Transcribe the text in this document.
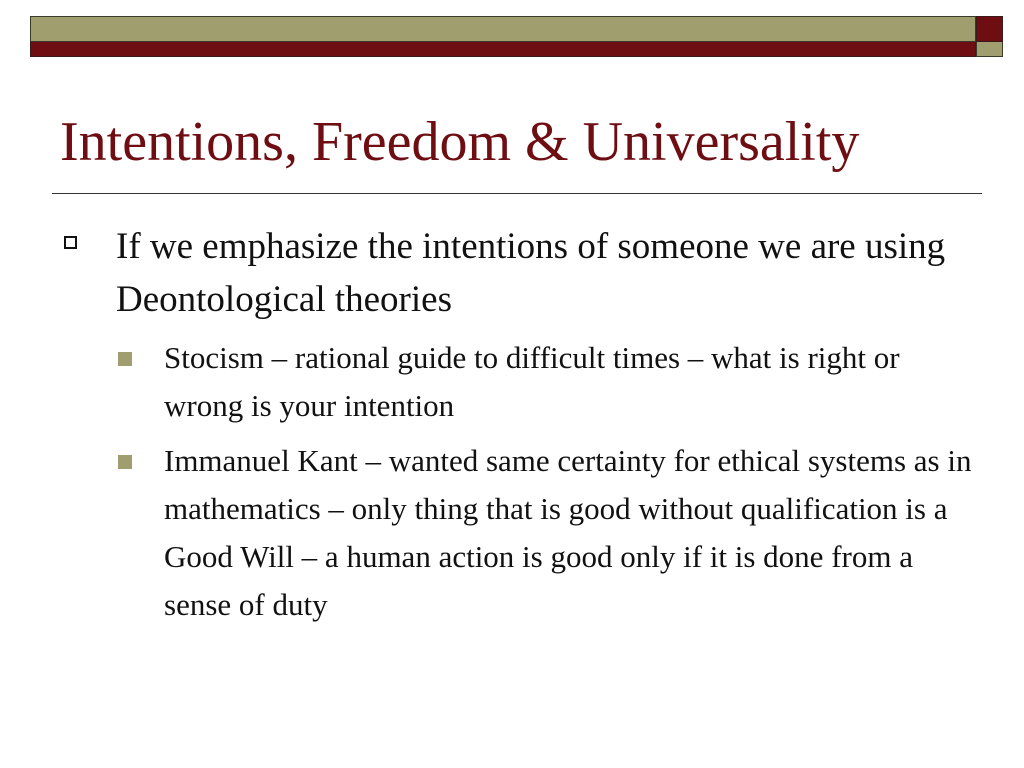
Intentions, Freedom & Universality
If we emphasize the intentions of someone we are using Deontological theories
Stocism – rational guide to difficult times – what is right or wrong is your intention
Immanuel Kant – wanted same certainty for ethical systems as in mathematics – only thing that is good without qualification is a Good Will – a human action is good only if it is done from a sense of duty
